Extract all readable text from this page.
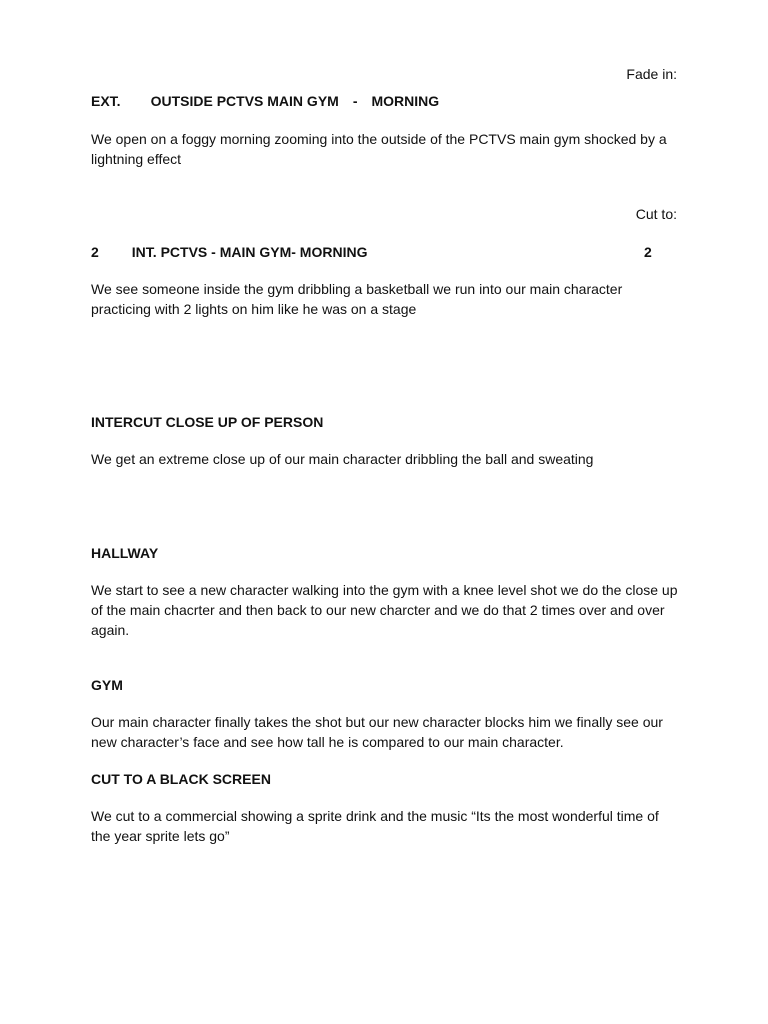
Fade in:
EXT. OUTSIDE PCTVS MAIN GYM - MORNING
We open on a foggy morning zooming into the outside of the PCTVS main gym shocked by a lightning effect
Cut to:
2 INT. PCTVS - MAIN GYM- MORNING	2
We see someone inside the gym dribbling a basketball we run into our main character practicing with 2 lights on him like he was on a stage
INTERCUT CLOSE UP OF PERSON
We get an extreme close up of our main character dribbling the ball and sweating
HALLWAY
We start to see a new character walking into the gym with a knee level shot we do the close up of the main chacrter and then back to our new charcter and we do that 2 times over and over again.
GYM
Our main character finally takes the shot but our new character blocks him we finally see our new character’s face and see how tall he is compared to our main character.
CUT TO A BLACK SCREEN
We cut to a commercial showing a sprite drink and the music “Its the most wonderful time of the year sprite lets go”
